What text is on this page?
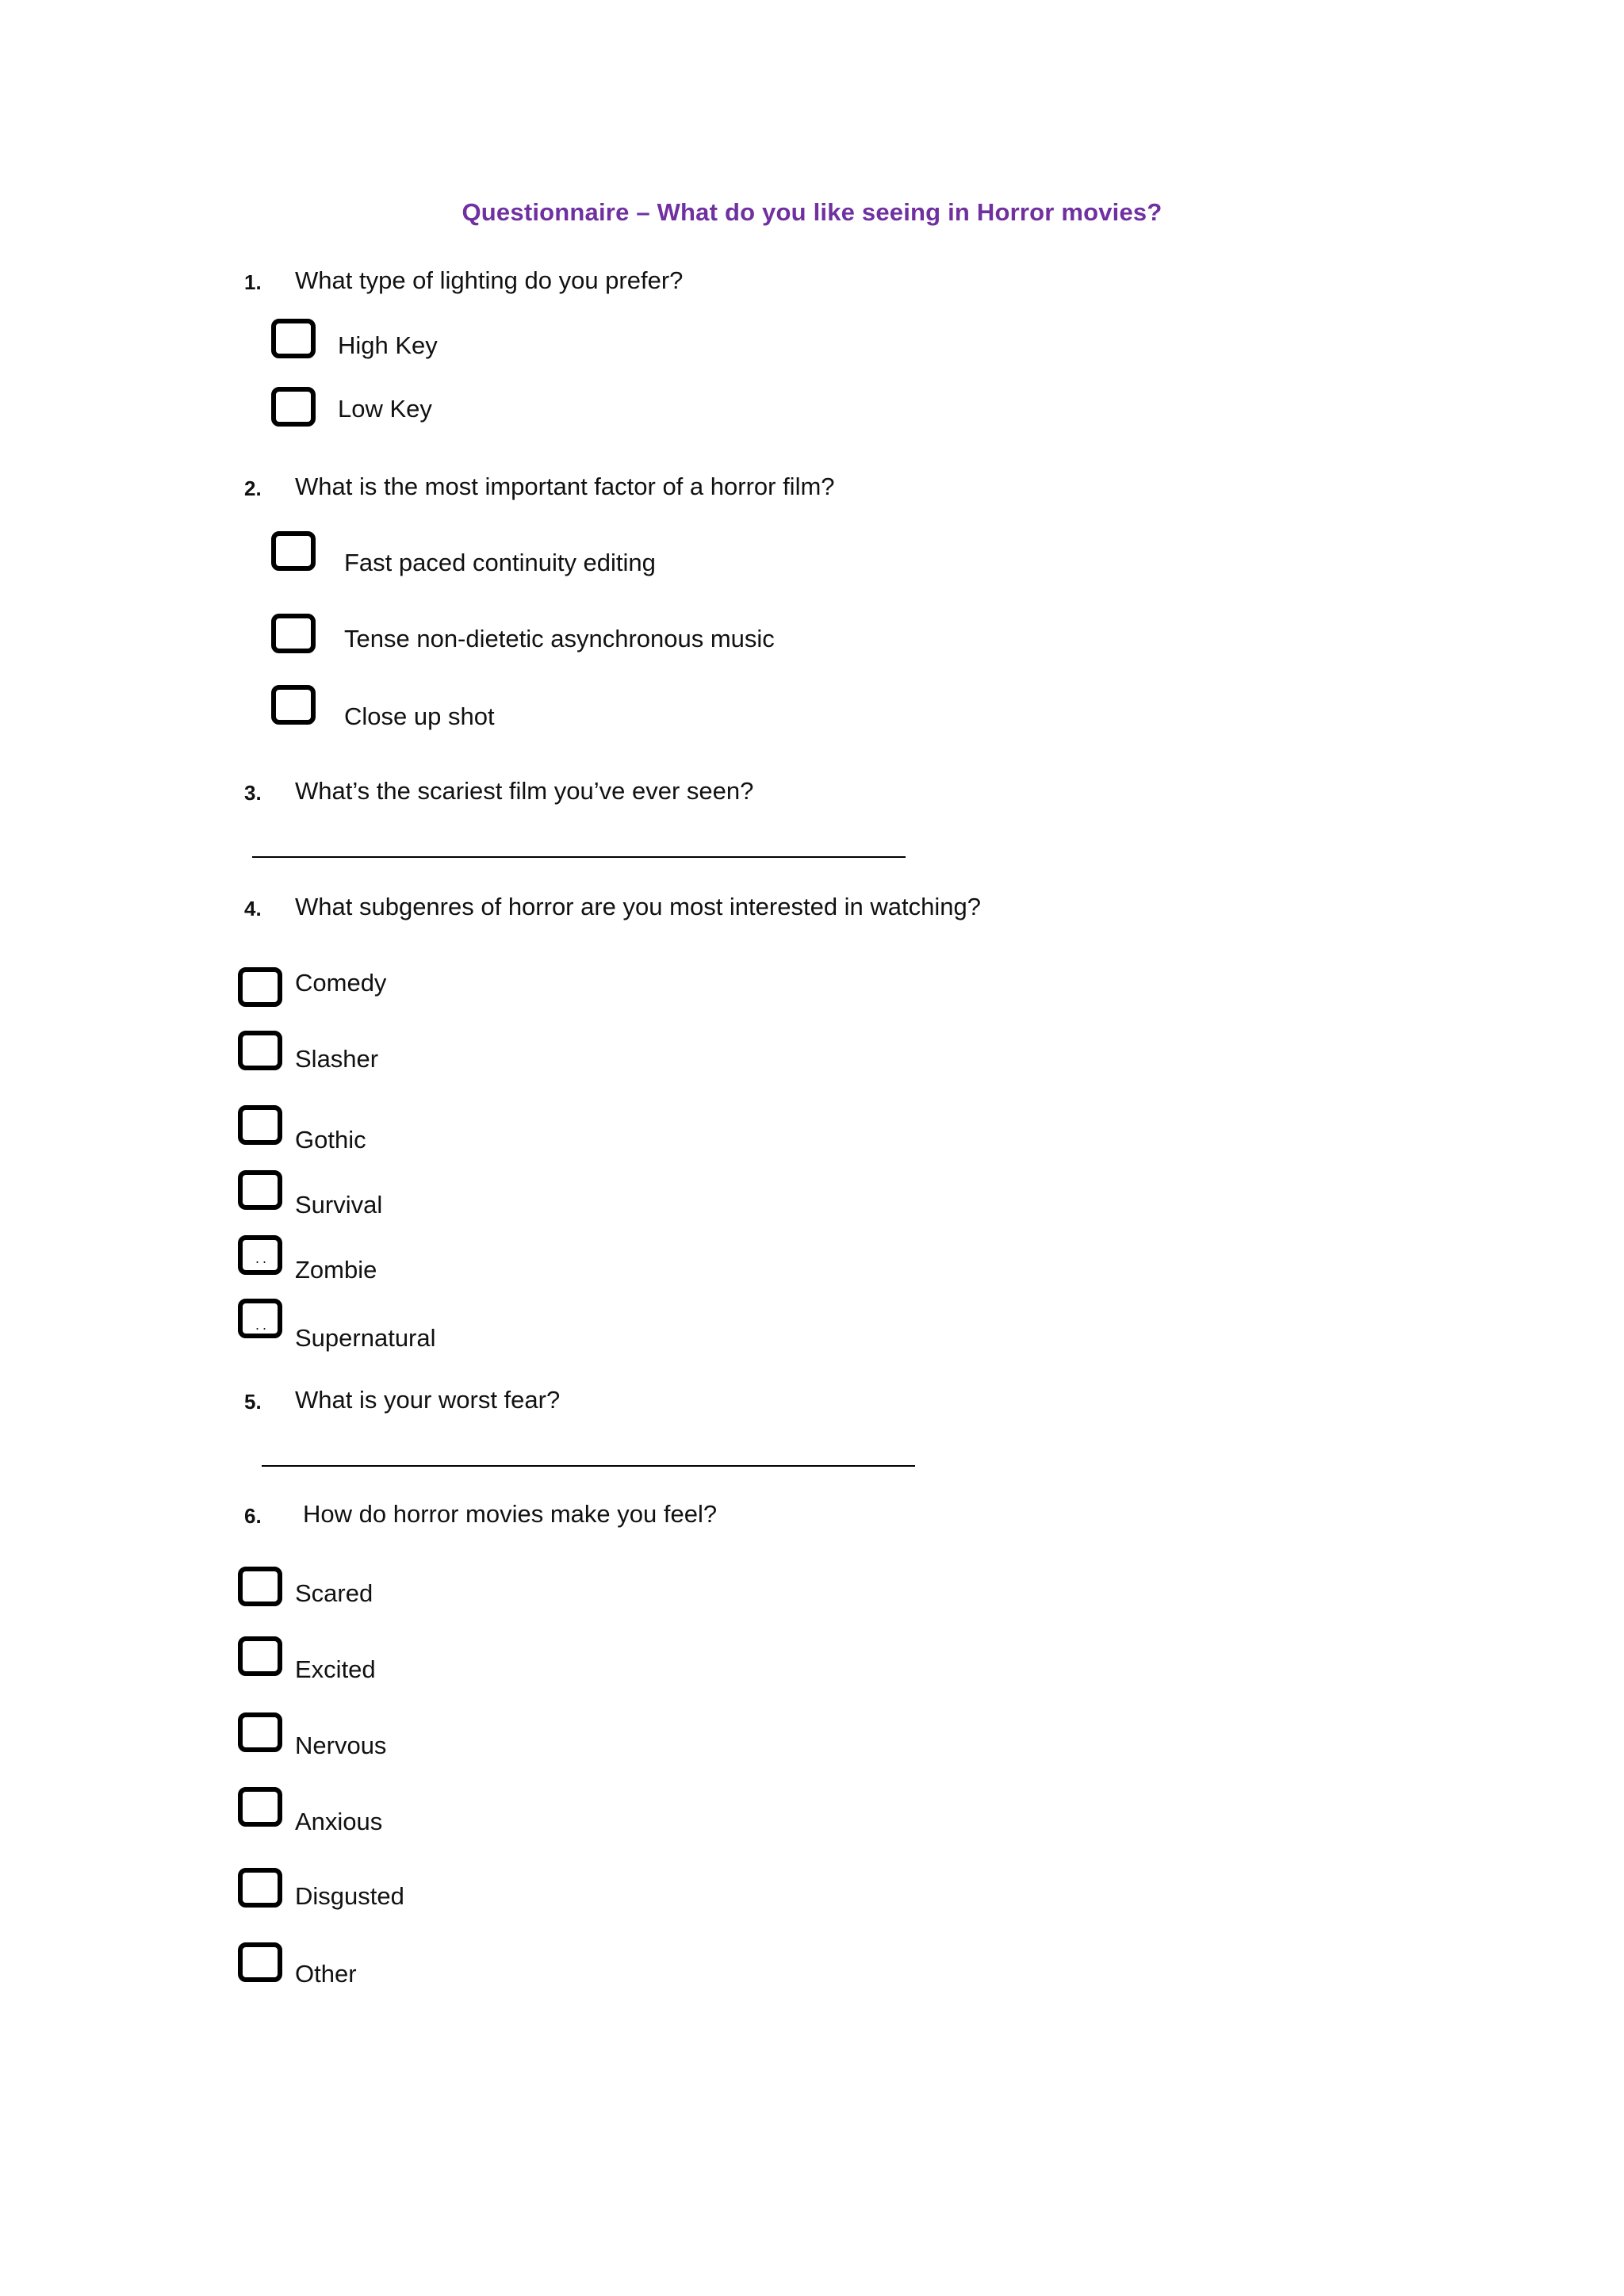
Questionnaire – What do you like seeing in Horror movies?
1. What type of lighting do you prefer?
High Key
Low Key
2. What is the most important factor of a horror film?
Fast paced continuity editing
Tense non-dietetic asynchronous music
Close up shot
3. What’s the scariest film you’ve ever seen?
4. What subgenres of horror are you most interested in watching?
Comedy
Slasher
Gothic
Survival
.. Zombie
.. Supernatural
5. What is your worst fear?
6. How do horror movies make you feel?
Scared
Excited
Nervous
Anxious
Disgusted
Other
